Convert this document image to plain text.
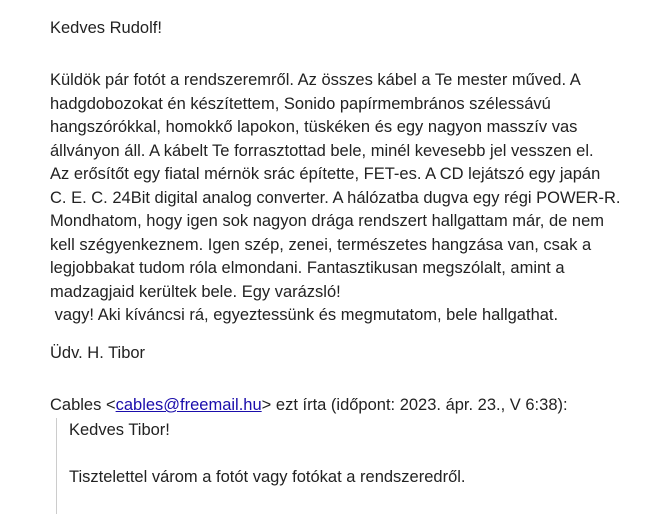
Kedves Rudolf!
Küldök pár fotót a rendszeremről. Az összes kábel a Te mester műved. A
hadgdobozokat én készítettem, Sonido papírmembrános szélessávú
hangszórókkal, homokkő lapokon, tüskéken és egy nagyon masszív vas
állványon áll. A kábelt Te forrasztottad bele, minél kevesebb jel vesszen el.
Az erősítőt egy fiatal mérnök srác építette, FET-es. A CD lejátszó egy japán
C. E. C. 24Bit digital analog converter. A hálózatba dugva egy régi POWER-R.
Mondhatom, hogy igen sok nagyon drága rendszert hallgattam már, de nem
kell szégyenkeznem. Igen szép, zenei, természetes hangzása van, csak a
legjobbakat tudom róla elmondani. Fantasztikusan megszólalt, amint a
madzagjaid kerültek bele. Egy varázsló!
vagy! Aki kíváncsi rá, egyeztessünk és megmutatom, bele hallgathat.
Üdv. H. Tibor
Cables <cables@freemail.hu> ezt írta (időpont: 2023. ápr. 23., V 6:38):
Kedves Tibor!
Tisztelettel várom a fotót vagy fotókat a rendszeredről.
